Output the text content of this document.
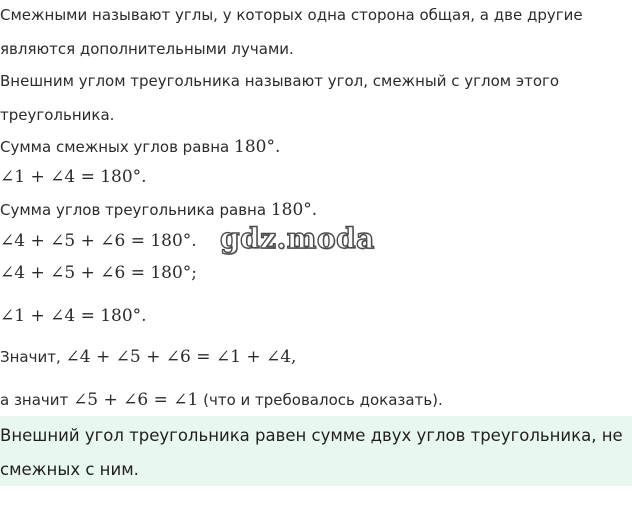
Смежными называют углы, у которых одна сторона общая, а две другие
являются дополнительными лучами.
Внешним углом треугольника называют угол, смежный с углом этого
треугольника.
Сумма смежных углов равна 180°.
∠1 + ∠4 = 180°.
Сумма углов треугольника равна 180°.
∠4 + ∠5 + ∠6 = 180°.
∠4 + ∠5 + ∠6 = 180°;
∠1 + ∠4 = 180°.
Значит, ∠4 + ∠5 + ∠6 = ∠1 + ∠4,
а значит ∠5 + ∠6 = ∠1 (что и требовалось доказать).
gdz.moda
Внешний угол треугольника равен сумме двух углов треугольника, не
смежных с ним.
